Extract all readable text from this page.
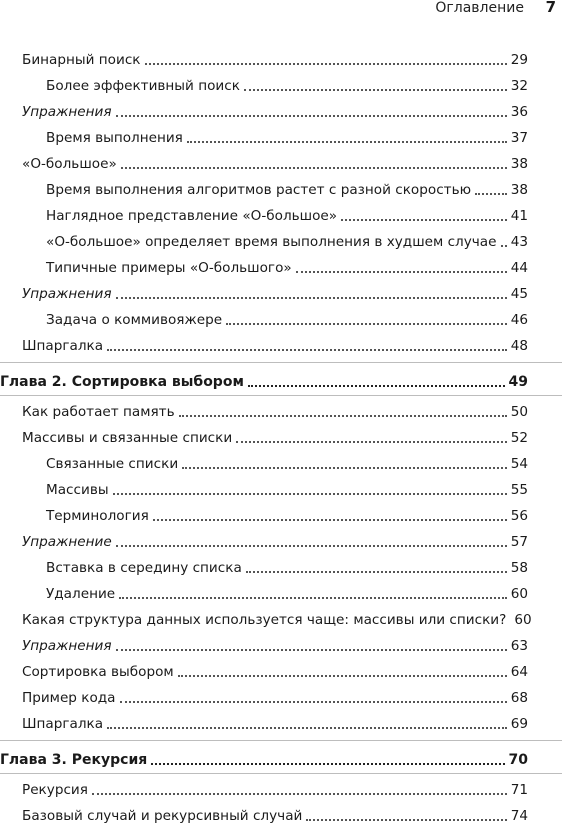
Оглавление 7
Бинарный поиск	29
Более эффективный поиск	32
Упражнения	36
Время выполнения	37
«О-большое»	38
Время выполнения алгоритмов растет с разной скоростью	38
Наглядное представление «О-большое»	41
«О-большое» определяет время выполнения в худшем случае 43
Типичные примеры «О-большого»	44
Упражнения	45
Задача о коммивояжере	46
Шпаргалка	48
Глава 2. Сортировка выбором	49
Как работает память	50
Массивы и связанные списки	52
Связанные списки	54
Массивы	55
Терминология	56
Упражнение	57
Вставка в середину списка	58
Удаление	60
Какая структура данных используется чаще: массивы или списки? 60
Упражнения	63
Сортировка выбором	64
Пример кода	68
Шпаргалка	69
Глава 3. Рекурсия	70
Рекурсия	71
Базовый случай и рекурсивный случай	74
